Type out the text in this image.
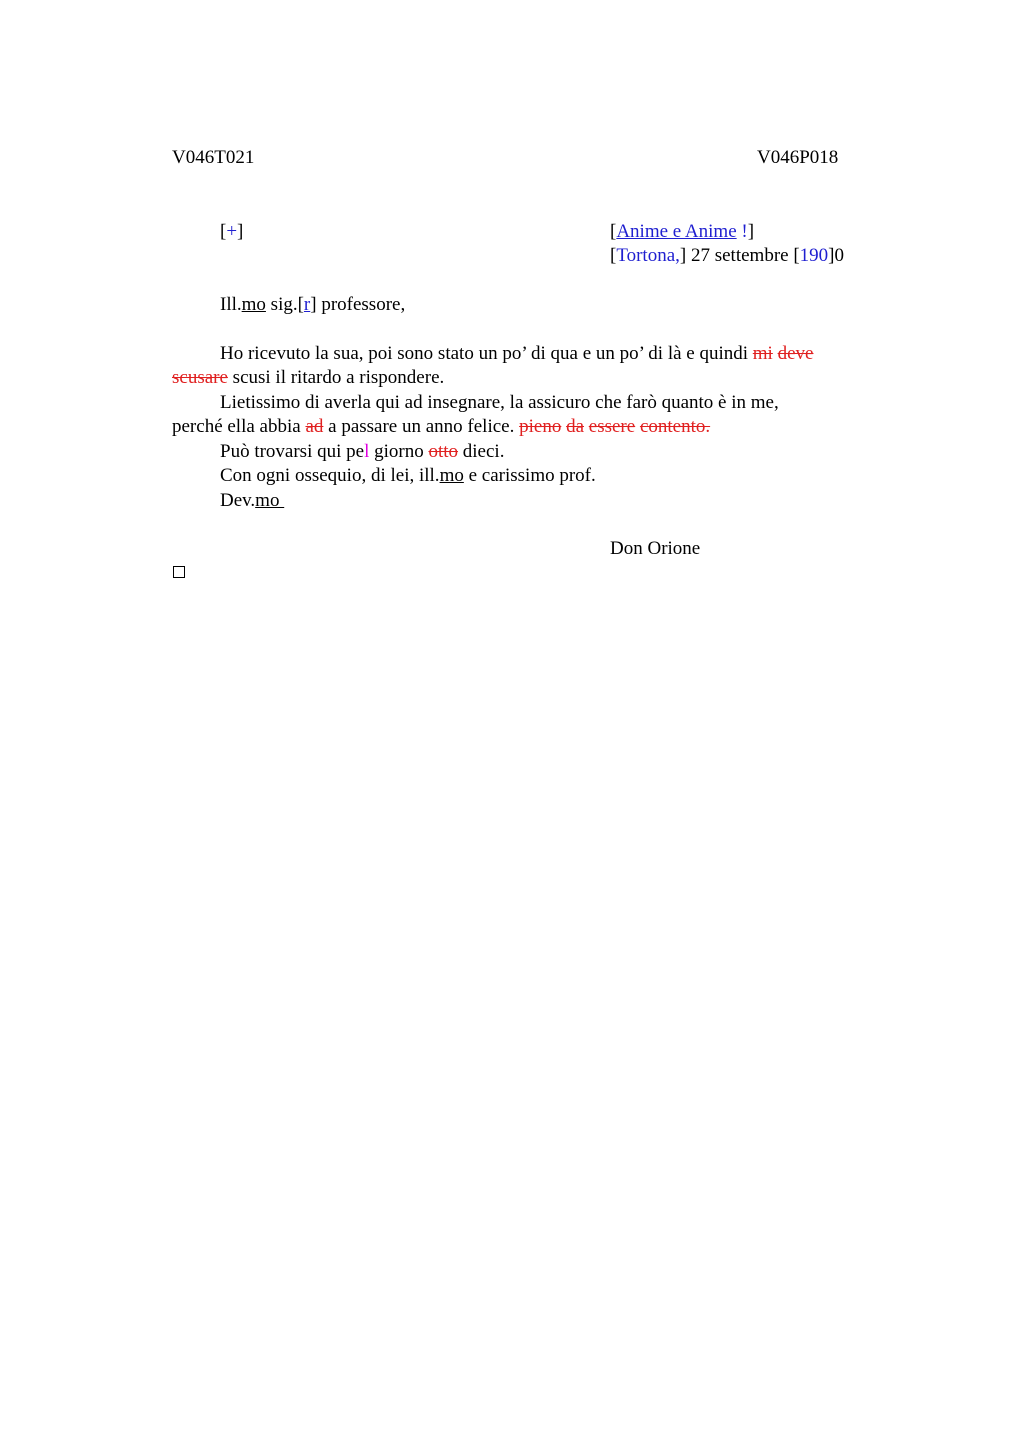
V046T021	V046P018
[+]	[Anime e Anime !]
[Tortona,] 27 settembre [190]0
Ill.mo sig.[r] professore,
Ho ricevuto la sua, poi sono stato un po’ di qua e un po’ di là e quindi mi deve
scusare scusi il ritardo a rispondere.
Lietissimo di averla qui ad insegnare, la assicuro che farò quanto è in me,
perché ella abbia ad a passare un anno felice. pieno da essere contento.
Può trovarsi qui pel giorno otto dieci.
Con ogni ossequio, di lei, ill.mo e carissimo prof.
Dev.mo
Don Orione
